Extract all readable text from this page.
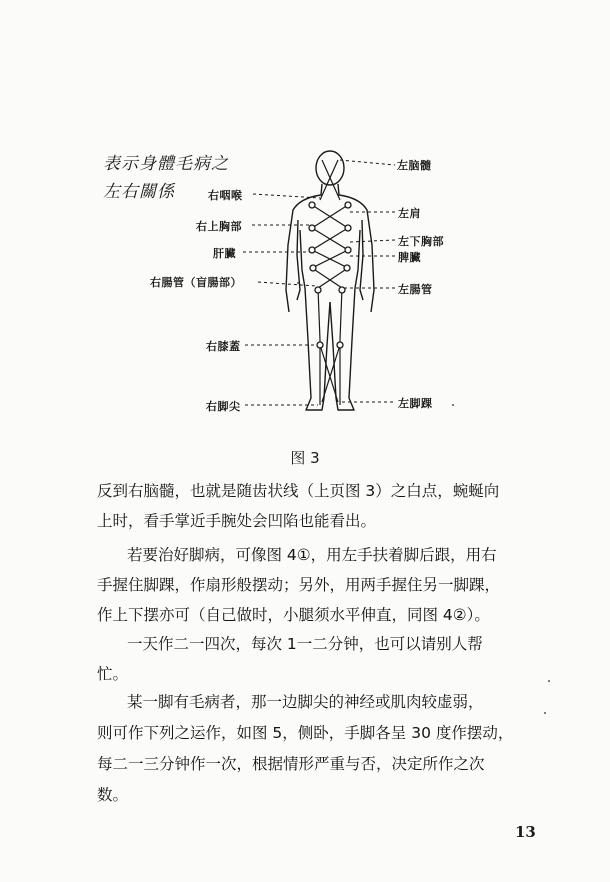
表示身體毛病之
左右關係
左脑髓
右咽喉
左肩
右上胸部
左下胸部
肝臟	脾臟
右腸管（盲腸部）
左腸管
右膝蓋
右脚尖	左脚踝
图 3
反到右脑髓，也就是随齿状线（上页图 3）之白点，蜿蜒向
上时，看手掌近手腕处会凹陷也能看出。
若要治好脚病，可像图 4①，用左手扶着脚后跟，用右
手握住脚踝，作扇形般摆动；另外，用两手握住另一脚踝，
作上下摆亦可（自己做时，小腿须水平伸直，同图 4②）。
一天作二一四次，每次 1一二分钟，也可以请别人帮
忙。
某一脚有毛病者，那一边脚尖的神经或肌肉较虚弱，
则可作下列之运作，如图 5，侧卧，手脚各呈 30 度作摆动，
每二一三分钟作一次，根据情形严重与否，决定所作之次
数。
13
